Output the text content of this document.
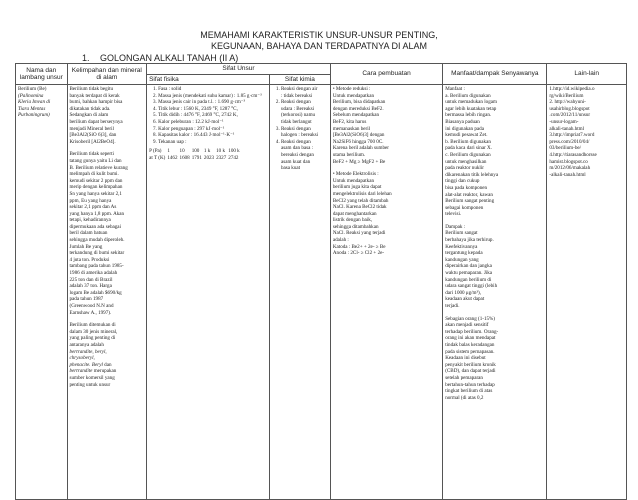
MEMAHAMI KARAKTERISTIK UNSUR-UNSUR PENTING,
KEGUNAAN, BAHAYA DAN TERDAPATNYA DI ALAM
1. GOLONGAN ALKALI TANAH (II A)
Nama dan lambang unsur	Kelimpahan dan mineral di alam	Sifat Unsur	Cara pembuatan	Manfaat/dampak Senyawanya	Lain-lain
Sifat fisika	Sifat kimia

Berilium (Be)
(Palinomina
Kleria Imvan di
Tiara Mentas
Purbaningrum)

Berilium tidak begitu
banyak terdapat di kerak
bumi, bahkan hampir bisa
dikatakan tidak ada.
Sedangkan di alam
berilium dapat berserynya
menjadi Mineral beril
[Be3Al2(SiO 6)3], dan
Krisoberil [Al2BeO4].
Berilium tidak seperti
tatang gunya yaitu Li dan
B. Berilium relatieve kurang
melimpah di kulit bumi.
kemudi sekitar 2 ppm dan
merip dengan kelimpahan
Sn yang hanya sekitar 2,1
ppm, Eu yang hanya
sekitar 2,1 ppm dan As
yang hanya 1,8 ppm. Akan
tetapi, kehadirannya
dipermukaan ada sebagai
beril dalam batuan
sehingga mudah diperoleh.
Jumlah Be yang
terkandung di bumi sekitar
4 juta ton. Produksi
tambang pada tahun 1985-
1986 di amerika adalah
225 ton dan di Brazil
adalah 37 ton. Harga
logam Be adalah $690/kg
pada tahun 1987
(Greenwood N.N and
Earnshaw A., 1997).
Berilium ditemukan di
dalam 30 jenis mineral,
yang paling penting di
antaranya adalah
bertrandite, beryl,
chrysoberyl,
phenacite. Beryl dan
bertrandite merupakan
sumber komersil yang
penting untuk unsur

1. Fasa : solid
2. Massa jenis (mendekati suhu kamar) : 1.85 g·cm⁻³
3. Massa jenis cair in pada t.l. : 1.690 g·cm⁻³
4. Titik lebur : 1560 K, 2349 °F, 1287 °C,
5. Titik didih : 4476 °F, 2469 °C, 2742 K,
6. Kalor peleburan : 12.2 kJ·mol⁻¹
7. Kalor penguapan : 297 kJ·mol⁻¹
8. Kapasitas kalor : 16.443 J·mol⁻¹·K⁻¹
9. Tekanan uap :
P (Pa)	1	10	100	1 k	10 k	100 k
at T (K)	1462	1608	1791	2023	2327	2742

1. Reaksi dengan air
: tidak bereaksi
2. Reaksi dengan
udara : Bereaksi
(terkorosi) namu
tidak berlangut
3. Reaksi dengan
halogen : bereaksi
4. Reaksi dengan
asam dan basa :
bereaksi dengan
asam kuat dan
basa kuat

• Metode reduksi :
Untuk mendapatkan
Berilium, bisa didapatkan
dengan mereduksi BeF2.
Sebelum mendapatkan
BeF2, kita harus
memanaskan beril
[Be3Al2(SiO6)3] dengan
Na2SiF6 hingga 700 0C.
Karena beril adalah sumber
utama berilium.
BeF2 + Mg ≥ MgF2 + Be
• Metode Elektrolisis :
Untuk mendapatkan
berilium juga kita dapat
mengelektrolisis dari lelehan
BeCl2 yang telah ditambah
NaCl. Karena BeCl2 tidak
dapat menghantarkan
listrik dengan baik,
sehingga ditambahkan
NaCl. Reaksi yang terjadi
adalah :
Katoda : Be2+ + 2e- ≥ Be
Anoda : 2Cl- ≥ Cl2 + 2e-

Manfaat :
a. Berilium digunakan
untuk memadukan logam
agar lebih kuatakan tetap
bermassa lebih ringan.
Biasanya paduan
ini digunakan pada
kemudi pesawat Zet.
b. Berilium digunakan
pada kaca dari sinar X.
c. Berilium digunakan
untuk menghasilkan
pada reaktor nuklir
dikarenakan titik lelehnya
tinggi dan cukup
bisa pada komponen
alat-alat reaktor, kawan
Berilium sangat penting
sebagai komponen
televisi.
Dampak :
Berilium sangat
berbahaya jika terhirup.
Keefektivannya
tergantung kepada
kandungan yang
diperairkan dan jangka
waktu pemaparan. Jika
kandungan berilium di
udara sangat tinggi (lebih
dari 1000 μg/m³),
keadaan akut dapat
terjadi.
Sebagian orang (1-15%)
akan menjadi sensitif
terhadap berilium. Orang-
orang ini akan mendapat
tindak balas keradangan
pada sistem pernapasan.
Keadaan ini disebut
penyakit berilium kronik
(CBD), dan dapat terjadi
setelah pemaparan
bertahun-tahun terhadap
tingkat berilium di atas
normal (di atas 0,2

1.http://id.wikipedia.o
rg/wiki/Berilium
2. http://wahyuni-
usahirblog.blogspot
.com/2012/11/unsur
-unsur-logam-
alkali-tanah.html
3.http://impriat7.word
press.com/2010/04/
03/berilium-be/
4.http://tiarasandhorsse
hamist.blogspot.co
m/2012/06/makalah
-alkali-tanah.html
